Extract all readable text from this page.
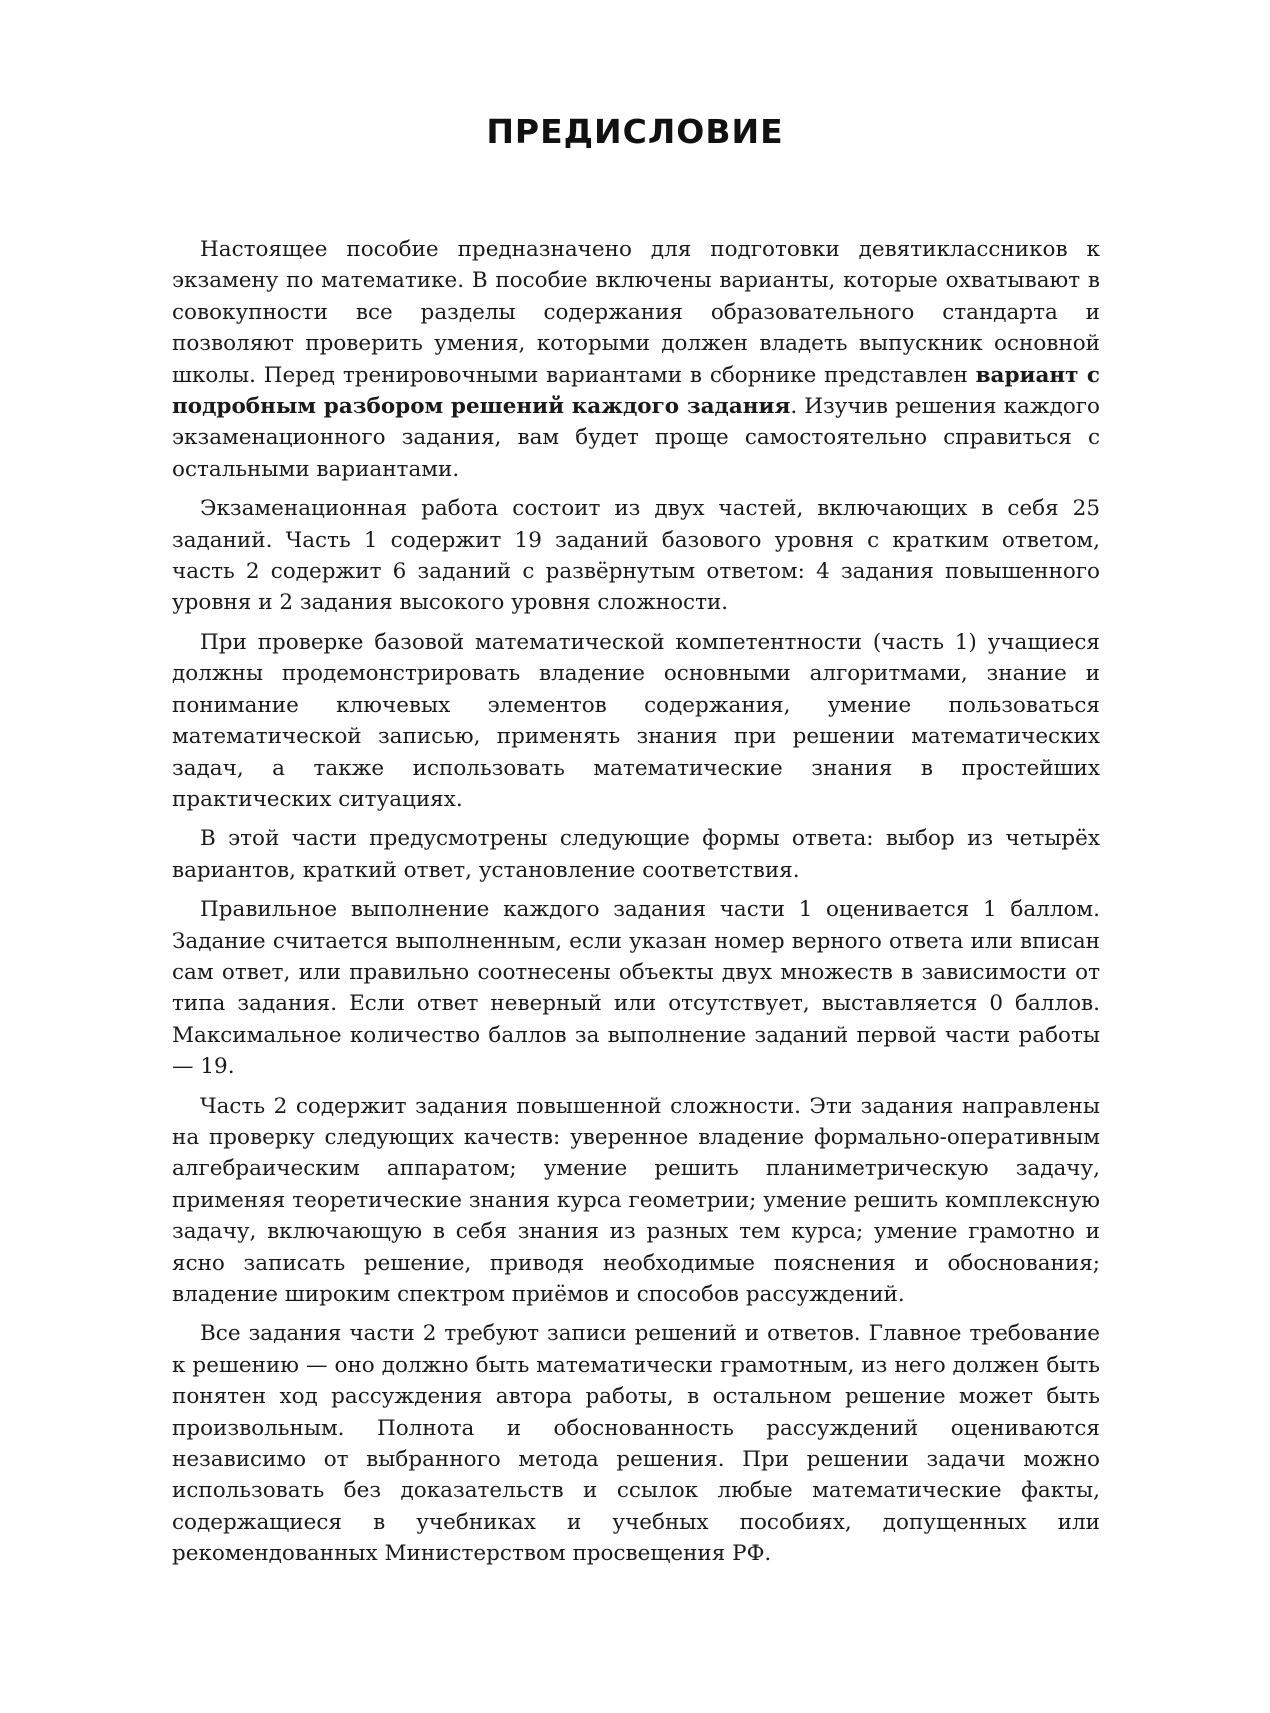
ПРЕДИСЛОВИЕ

Настоящее пособие предназначено для подготовки девятиклассников к экзамену по математике. В пособие включены варианты, которые охватывают в совокупности все разделы содержания образовательного стандарта и позволяют проверить умения, которыми должен владеть выпускник основной школы. Перед тренировочными вариантами в сборнике представлен вариант с подробным разбором решений каждого задания. Изучив решения каждого экзаменационного задания, вам будет проще самостоятельно справиться с остальными вариантами.

Экзаменационная работа состоит из двух частей, включающих в себя 25 заданий. Часть 1 содержит 19 заданий базового уровня с кратким ответом, часть 2 содержит 6 заданий с развёрнутым ответом: 4 задания повышенного уровня и 2 задания высокого уровня сложности.

При проверке базовой математической компетентности (часть 1) учащиеся должны продемонстрировать владение основными алгоритмами, знание и понимание ключевых элементов содержания, умение пользоваться математической записью, применять знания при решении математических задач, а также использовать математические знания в простейших практических ситуациях.

В этой части предусмотрены следующие формы ответа: выбор из четырёх вариантов, краткий ответ, установление соответствия.

Правильное выполнение каждого задания части 1 оценивается 1 баллом. Задание считается выполненным, если указан номер верного ответа или вписан сам ответ, или правильно соотнесены объекты двух множеств в зависимости от типа задания. Если ответ неверный или отсутствует, выставляется 0 баллов. Максимальное количество баллов за выполнение заданий первой части работы — 19.

Часть 2 содержит задания повышенной сложности. Эти задания направлены на проверку следующих качеств: уверенное владение формально-оперативным алгебраическим аппаратом; умение решить планиметрическую задачу, применяя теоретические знания курса геометрии; умение решить комплексную задачу, включающую в себя знания из разных тем курса; умение грамотно и ясно записать решение, приводя необходимые пояснения и обоснования; владение широким спектром приёмов и способов рассуждений.

Все задания части 2 требуют записи решений и ответов. Главное требование к решению — оно должно быть математически грамотным, из него должен быть понятен ход рассуждения автора работы, в остальном решение может быть произвольным. Полнота и обоснованность рассуждений оцениваются независимо от выбранного метода решения. При решении задачи можно использовать без доказательств и ссылок любые математические факты, содержащиеся в учебниках и учебных пособиях, допущенных или рекомендованных Министерством просвещения РФ.
